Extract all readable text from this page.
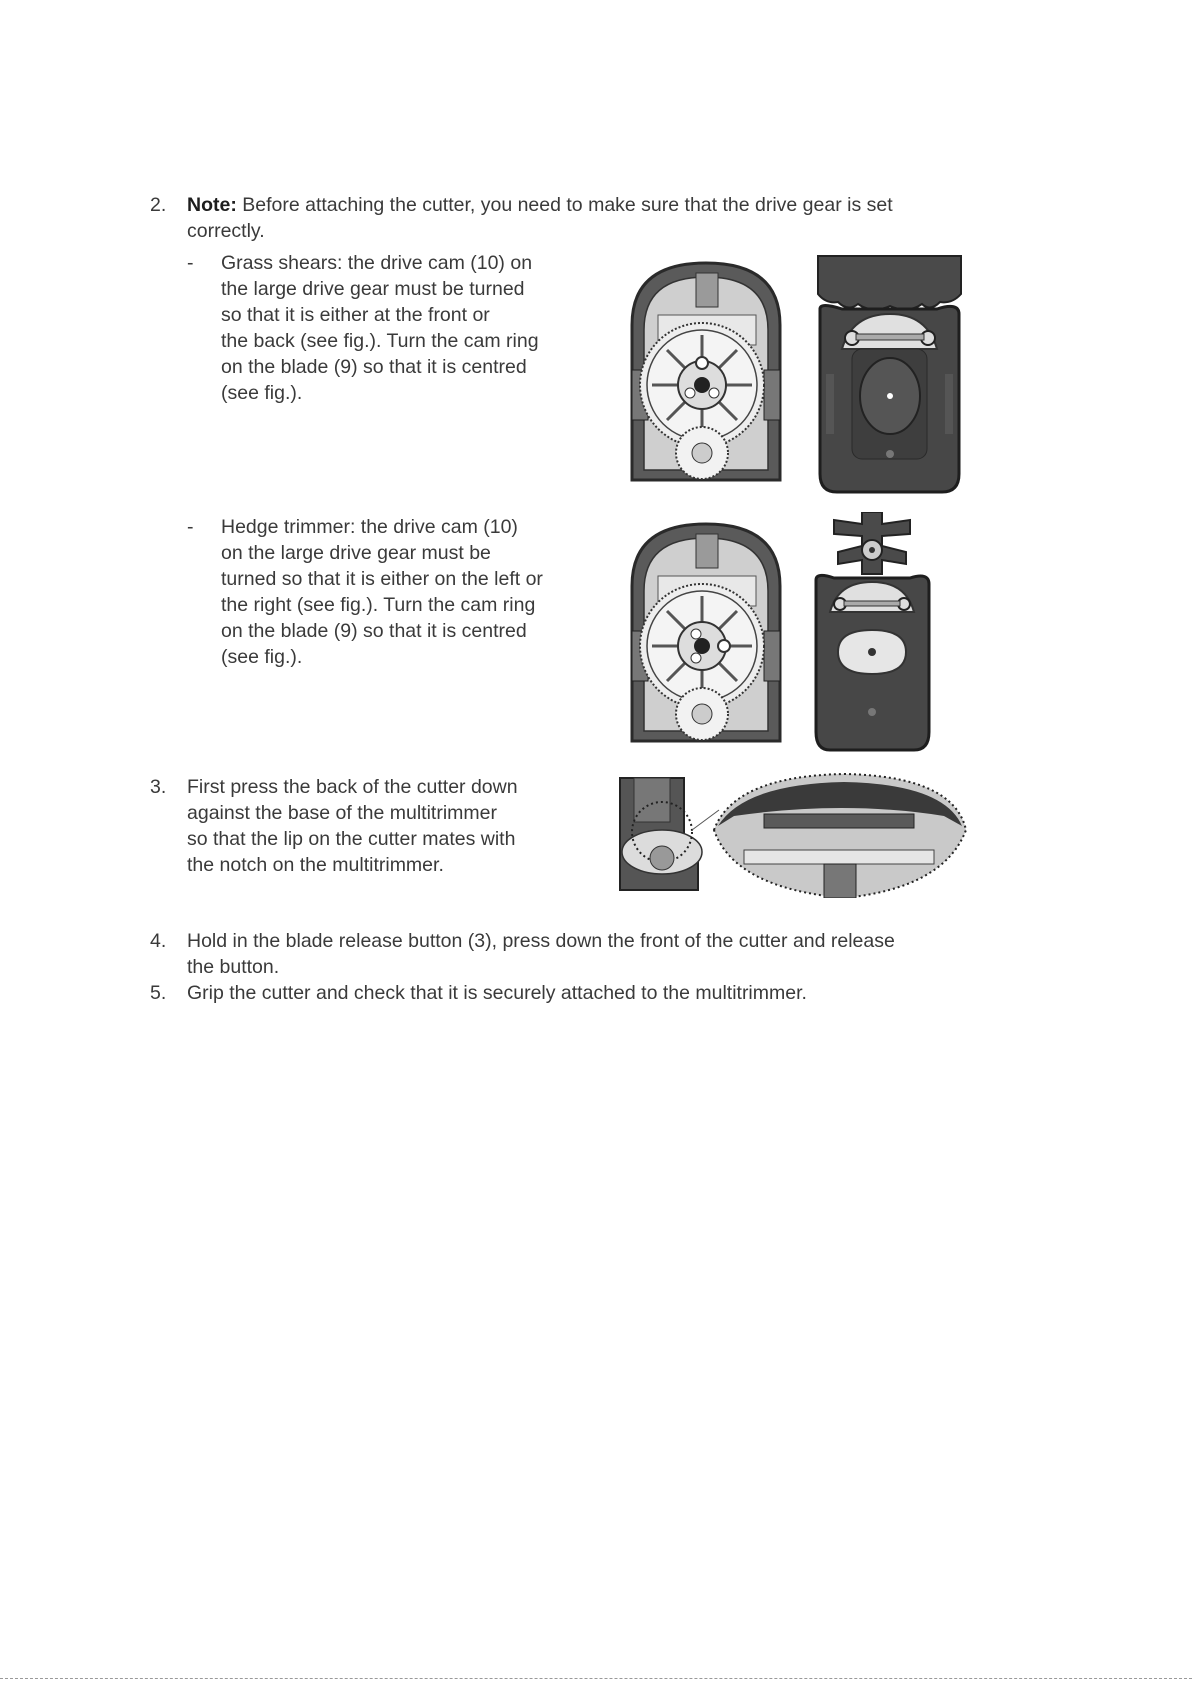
2. Note: Before attaching the cutter, you need to make sure that the drive gear is set

correctly.

- Grass shears: the drive cam (10) on

the large drive gear must be turned

so that it is either at the front or

the back (see fig.). Turn the cam ring

on the blade (9) so that it is centred

(see fig.).

- Hedge trimmer: the drive cam (10)

on the large drive gear must be

turned so that it is either on the left or

the right (see fig.). Turn the cam ring

on the blade (9) so that it is centred

(see fig.).

3. First press the back of the cutter down

against the base of the multitrimmer

so that the lip on the cutter mates with

the notch on the multitrimmer.

4. Hold in the blade release button (3), press down the front of the cutter and release

the button.

5. Grip the cutter and check that it is securely attached to the multitrimmer.
